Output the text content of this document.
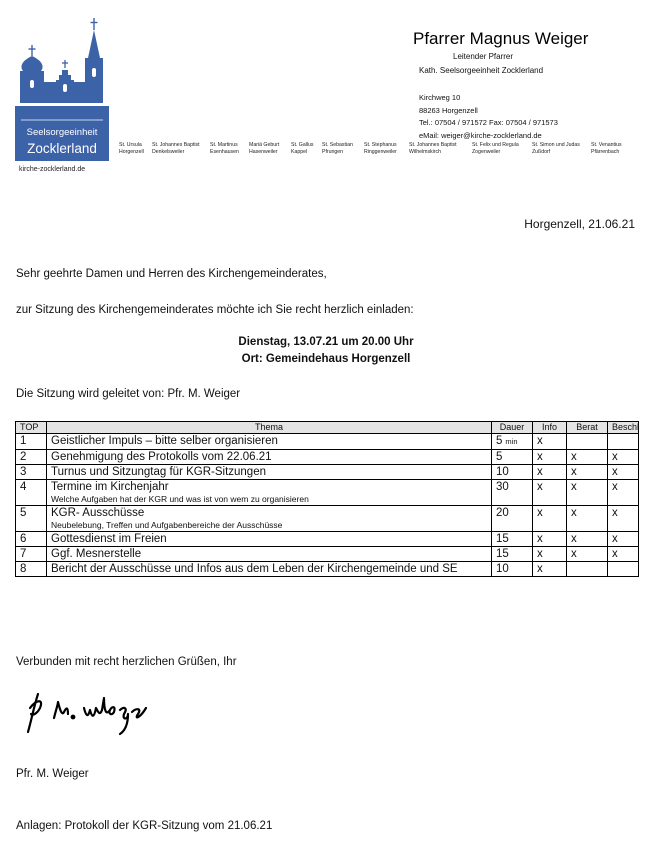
Seelsorgeeinheit
Zocklerland
kirche-zocklerland.de
St. Ursula
Horgenzell
St. Johannes Baptist
Denkelsweiler
St. Martinus
Esenhausen
Mariä Geburt
Hasenweiler
St. Gallus
Kappel
St. Sebastian
Pfrungen
St. Stephanus
Ringgenweiler
St. Johannes Baptist
Wilhelmskirch
St. Felix und Regula
Zogenweiler
St. Simon und Judas
Zußdorf
St. Venantius
Pfärrenbach
Pfarrer Magnus Weiger
Leitender Pfarrer
Kath. Seelsorgeeinheit Zocklerland
Kirchweg 10
88263 Horgenzell
Tel.: 07504 / 971572 Fax: 07504 / 971573
eMail: weiger@kirche-zocklerland.de
Horgenzell, 21.06.21
Sehr geehrte Damen und Herren des Kirchengemeinderates,
zur Sitzung des Kirchengemeinderates möchte ich Sie recht herzlich einladen:
Dienstag, 13.07.21 um 20.00 Uhr
Ort: Gemeindehaus Horgenzell
Die Sitzung wird geleitet von: Pfr. M. Weiger
TOP	Thema	Dauer	Info	Berat	Beschl
1	Geistlicher Impuls – bitte selber organisieren	5 min	x		
2	Genehmigung des Protokolls vom 22.06.21	5	x	x	x
3	Turnus und Sitzungtag für KGR-Sitzungen	10	x	x	x
4	Termine im Kirchenjahr
Welche Aufgaben hat der KGR und was ist von wem zu organisieren	30	x	x	x
5	KGR- Ausschüsse
Neubelebung, Treffen und Aufgabenbereiche der Ausschüsse	20	x	x	x
6	Gottesdienst im Freien	15	x	x	x
7	Ggf. Mesnerstelle	15	x	x	x
8	Bericht der Ausschüsse und Infos aus dem Leben der Kirchengemeinde und SE	10	x		
Verbunden mit recht herzlichen Grüßen, Ihr
Pfr. M. Weiger
Anlagen: Protokoll der KGR-Sitzung vom 21.06.21
